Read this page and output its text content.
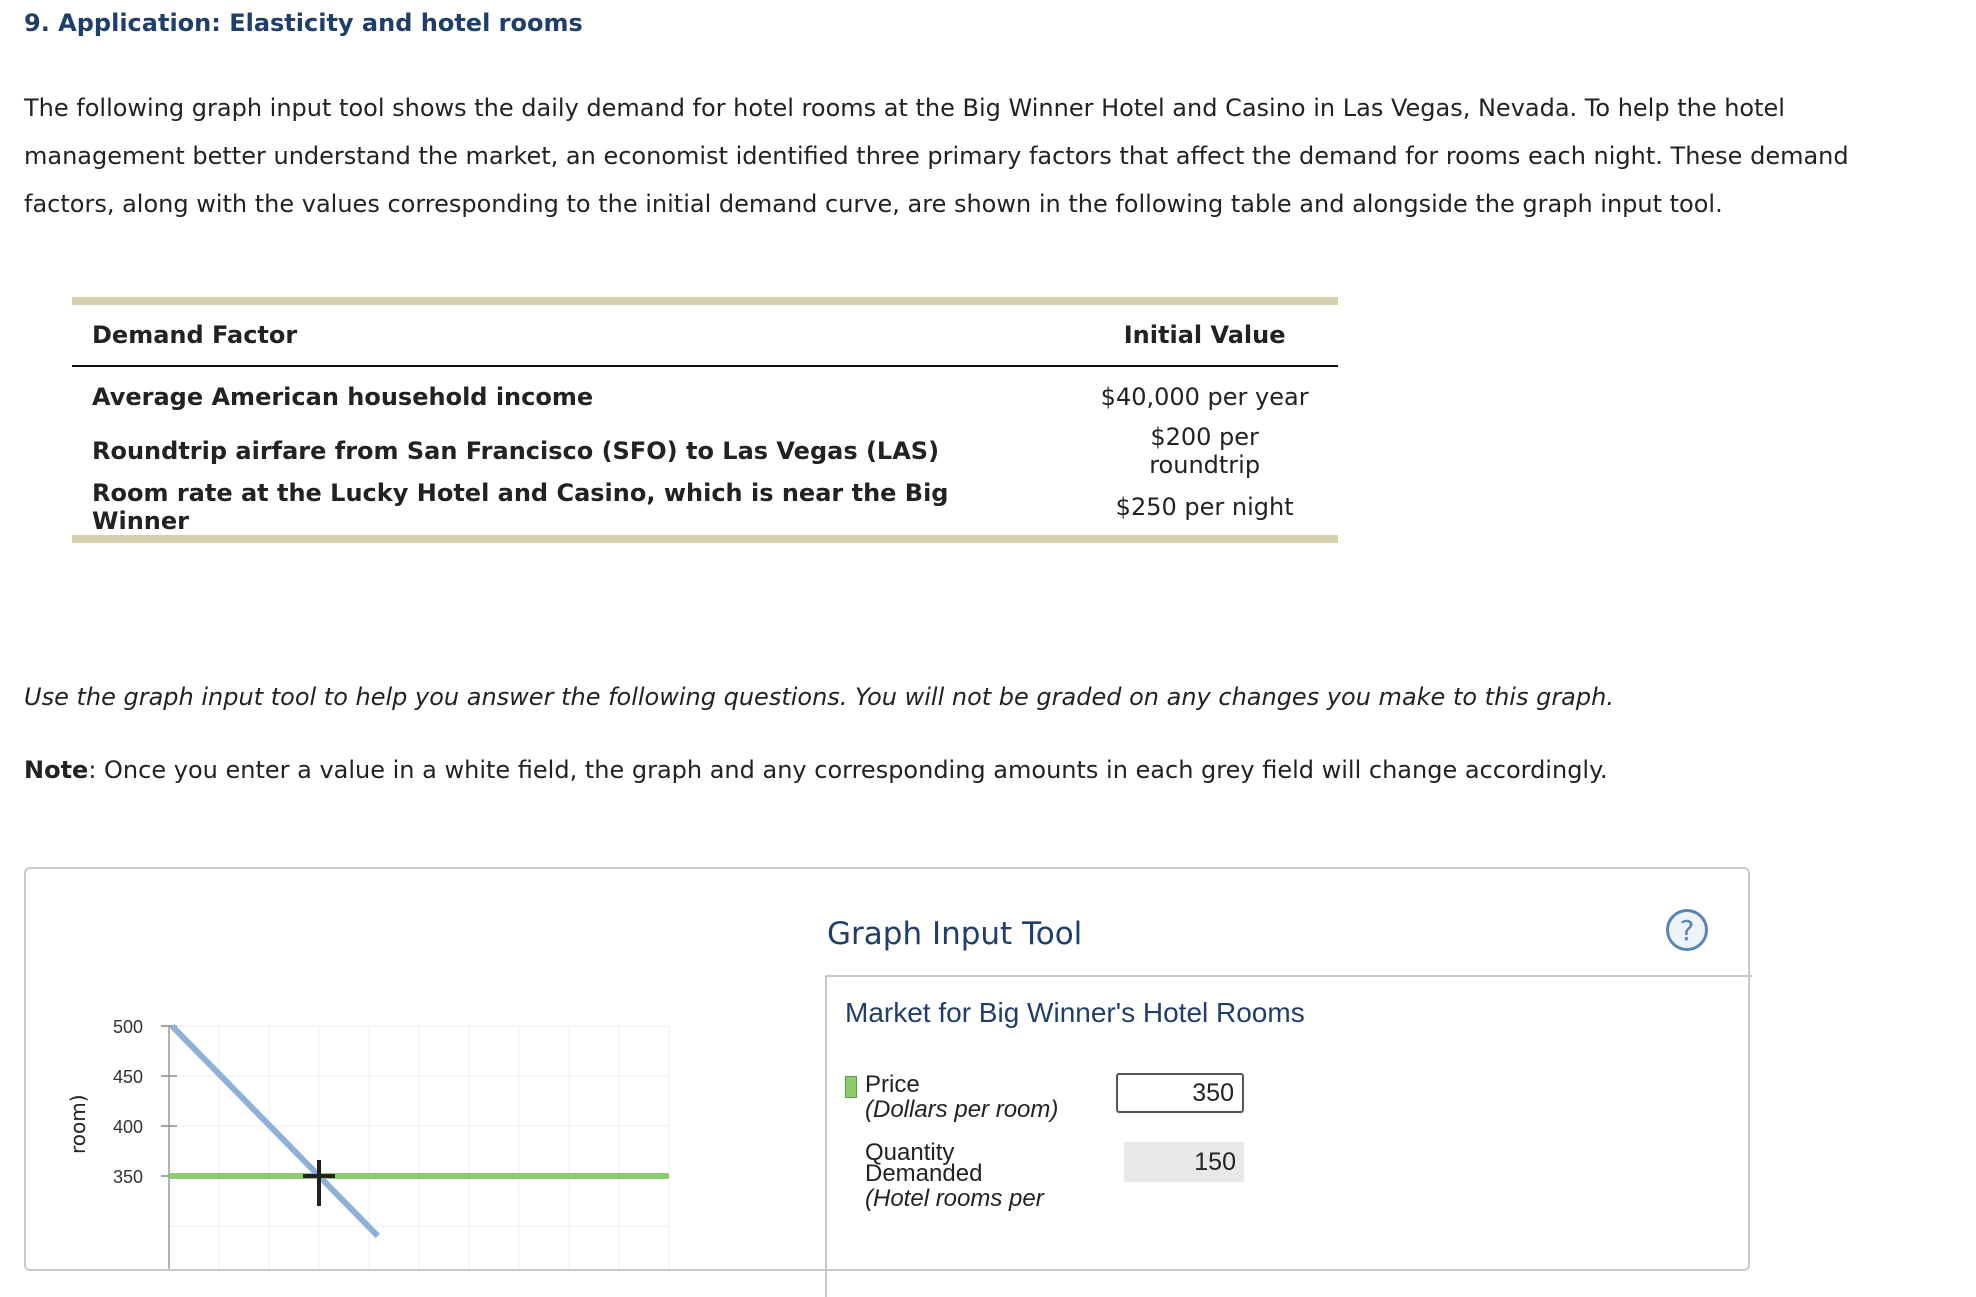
9. Application: Elasticity and hotel rooms
The following graph input tool shows the daily demand for hotel rooms at the Big Winner Hotel and Casino in Las Vegas, Nevada. To help the hotel management better understand the market, an economist identified three primary factors that affect the demand for rooms each night. These demand factors, along with the values corresponding to the initial demand curve, are shown in the following table and alongside the graph input tool.
Demand Factor	Initial Value
Average American household income	$40,000 per year
Roundtrip airfare from San Francisco (SFO) to Las Vegas (LAS)	$200 per roundtrip
Room rate at the Lucky Hotel and Casino, which is near the Big Winner	$250 per night
Use the graph input tool to help you answer the following questions. You will not be graded on any changes you make to this graph.
Note: Once you enter a value in a white field, the graph and any corresponding amounts in each grey field will change accordingly.
500
450
400
350
room)
Graph Input Tool	?
Market for Big Winner's Hotel Rooms
Price
(Dollars per room)
350
Quantity
Demanded
(Hotel rooms per
150
